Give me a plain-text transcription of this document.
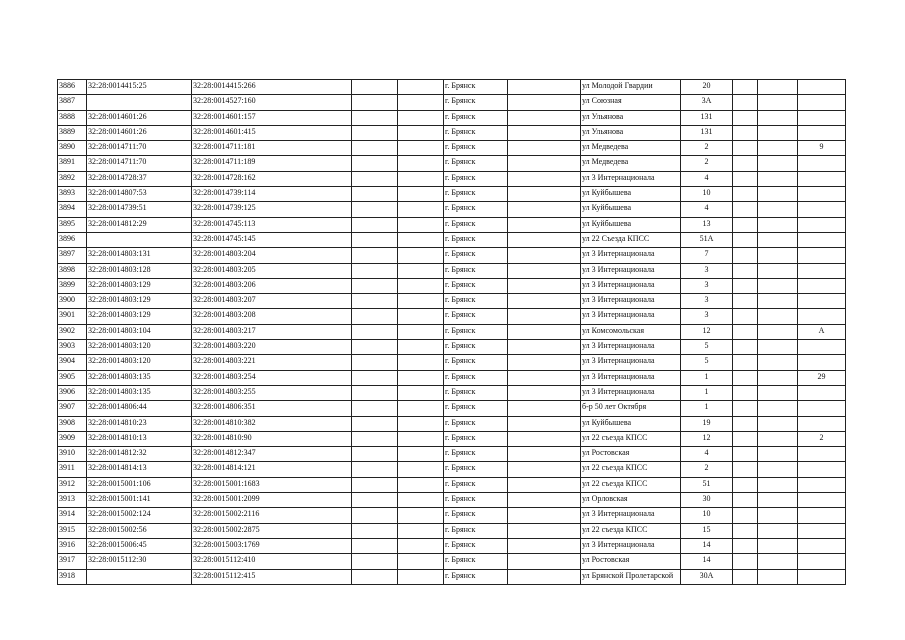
3886	32:28:0014415:25	32:28:0014415:266			г. Брянск		ул Молодой Гвардии	20			
3887		32:28:0014527:160			г. Брянск		ул Союзная	3А			
3888	32:28:0014601:26	32:28:0014601:157			г. Брянск		ул Ульянова	131			
3889	32:28:0014601:26	32:28:0014601:415			г. Брянск		ул Ульянова	131			
3890	32:28:0014711:70	32:28:0014711:181			г. Брянск		ул Медведева	2			9
3891	32:28:0014711:70	32:28:0014711:189			г. Брянск		ул Медведева	2			
3892	32:28:0014728:37	32:28:0014728:162			г. Брянск		ул 3 Интернационала	4			
3893	32:28:0014807:53	32:28:0014739:114			г. Брянск		ул Куйбышева	10			
3894	32:28:0014739:51	32:28:0014739:125			г. Брянск		ул Куйбышева	4			
3895	32:28:0014812:29	32:28:0014745:113			г. Брянск		ул Куйбышева	13			
3896		32:28:0014745:145			г. Брянск		ул 22 Съезда КПСС	51А			
3897	32:28:0014803:131	32:28:0014803:204			г. Брянск		ул 3 Интернационала	7			
3898	32:28:0014803:128	32:28:0014803:205			г. Брянск		ул 3 Интернационала	3			
3899	32:28:0014803:129	32:28:0014803:206			г. Брянск		ул 3 Интернационала	3			
3900	32:28:0014803:129	32:28:0014803:207			г. Брянск		ул 3 Интернационала	3			
3901	32:28:0014803:129	32:28:0014803:208			г. Брянск		ул 3 Интернационала	3			
3902	32:28:0014803:104	32:28:0014803:217			г. Брянск		ул Комсомольская	12			А
3903	32:28:0014803:120	32:28:0014803:220			г. Брянск		ул 3 Интернационала	5			
3904	32:28:0014803:120	32:28:0014803:221			г. Брянск		ул 3 Интернационала	5			
3905	32:28:0014803:135	32:28:0014803:254			г. Брянск		ул 3 Интернационала	1			29
3906	32:28:0014803:135	32:28:0014803:255			г. Брянск		ул 3 Интернационала	1			
3907	32:28:0014806:44	32:28:0014806:351			г. Брянск		б-р 50 лет Октября	1			
3908	32:28:0014810:23	32:28:0014810:382			г. Брянск		ул Куйбышева	19			
3909	32:28:0014810:13	32:28:0014810:90			г. Брянск		ул 22 съезда КПСС	12			2
3910	32:28:0014812:32	32:28:0014812:347			г. Брянск		ул Ростовская	4			
3911	32:28:0014814:13	32:28:0014814:121			г. Брянск		ул 22 съезда КПСС	2			
3912	32:28:0015001:106	32:28:0015001:1683			г. Брянск		ул 22 съезда КПСС	51			
3913	32:28:0015001:141	32:28:0015001:2099			г. Брянск		ул Орловская	30			
3914	32:28:0015002:124	32:28:0015002:2116			г. Брянск		ул 3 Интернационала	10			
3915	32:28:0015002:56	32:28:0015002:2875			г. Брянск		ул 22 съезда КПСС	15			
3916	32:28:0015006:45	32:28:0015003:1769			г. Брянск		ул 3 Интернационала	14			
3917	32:28:0015112:30	32:28:0015112:410			г. Брянск		ул Ростовская	14			
3918		32:28:0015112:415			г. Брянск		ул Брянской Пролетарской	30А			
